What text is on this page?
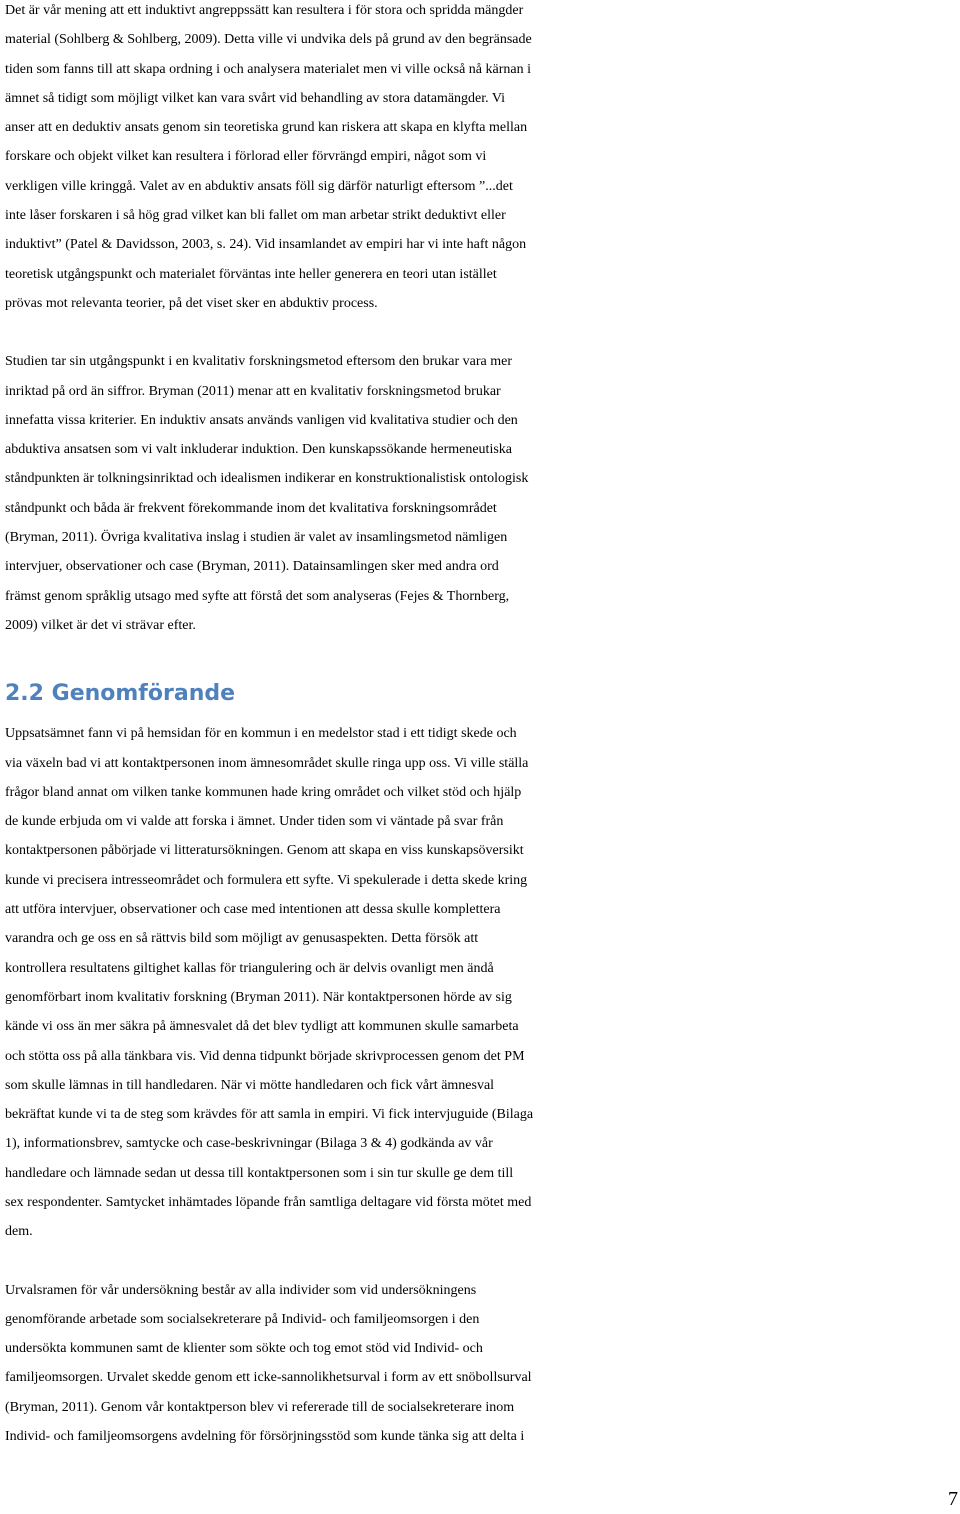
Det är vår mening att ett induktivt angreppssätt kan resultera i för stora och spridda mängder
material (Sohlberg & Sohlberg, 2009). Detta ville vi undvika dels på grund av den begränsade
tiden som fanns till att skapa ordning i och analysera materialet men vi ville också nå kärnan i
ämnet så tidigt som möjligt vilket kan vara svårt vid behandling av stora datamängder. Vi
anser att en deduktiv ansats genom sin teoretiska grund kan riskera att skapa en klyfta mellan
forskare och objekt vilket kan resultera i förlorad eller förvrängd empiri, något som vi
verkligen ville kringgå. Valet av en abduktiv ansats föll sig därför naturligt eftersom ”...det
inte låser forskaren i så hög grad vilket kan bli fallet om man arbetar strikt deduktivt eller
induktivt” (Patel & Davidsson, 2003, s. 24). Vid insamlandet av empiri har vi inte haft någon
teoretisk utgångspunkt och materialet förväntas inte heller generera en teori utan istället
prövas mot relevanta teorier, på det viset sker en abduktiv process.
Studien tar sin utgångspunkt i en kvalitativ forskningsmetod eftersom den brukar vara mer
inriktad på ord än siffror. Bryman (2011) menar att en kvalitativ forskningsmetod brukar
innefatta vissa kriterier. En induktiv ansats används vanligen vid kvalitativa studier och den
abduktiva ansatsen som vi valt inkluderar induktion. Den kunskapssökande hermeneutiska
ståndpunkten är tolkningsinriktad och idealismen indikerar en konstruktionalistisk ontologisk
ståndpunkt och båda är frekvent förekommande inom det kvalitativa forskningsområdet
(Bryman, 2011). Övriga kvalitativa inslag i studien är valet av insamlingsmetod nämligen
intervjuer, observationer och case (Bryman, 2011). Datainsamlingen sker med andra ord
främst genom språklig utsago med syfte att förstå det som analyseras (Fejes & Thornberg,
2009) vilket är det vi strävar efter.
2.2 Genomförande
Uppsatsämnet fann vi på hemsidan för en kommun i en medelstor stad i ett tidigt skede och
via växeln bad vi att kontaktpersonen inom ämnesområdet skulle ringa upp oss. Vi ville ställa
frågor bland annat om vilken tanke kommunen hade kring området och vilket stöd och hjälp
de kunde erbjuda om vi valde att forska i ämnet. Under tiden som vi väntade på svar från
kontaktpersonen påbörjade vi litteratursökningen. Genom att skapa en viss kunskapsöversikt
kunde vi precisera intresseområdet och formulera ett syfte. Vi spekulerade i detta skede kring
att utföra intervjuer, observationer och case med intentionen att dessa skulle komplettera
varandra och ge oss en så rättvis bild som möjligt av genusaspekten. Detta försök att
kontrollera resultatens giltighet kallas för triangulering och är delvis ovanligt men ändå
genomförbart inom kvalitativ forskning (Bryman 2011). När kontaktpersonen hörde av sig
kände vi oss än mer säkra på ämnesvalet då det blev tydligt att kommunen skulle samarbeta
och stötta oss på alla tänkbara vis. Vid denna tidpunkt började skrivprocessen genom det PM
som skulle lämnas in till handledaren. När vi mötte handledaren och fick vårt ämnesval
bekräftat kunde vi ta de steg som krävdes för att samla in empiri. Vi fick intervjuguide (Bilaga
1), informationsbrev, samtycke och case-beskrivningar (Bilaga 3 & 4) godkända av vår
handledare och lämnade sedan ut dessa till kontaktpersonen som i sin tur skulle ge dem till
sex respondenter. Samtycket inhämtades löpande från samtliga deltagare vid första mötet med
dem.
Urvalsramen för vår undersökning består av alla individer som vid undersökningens
genomförande arbetade som socialsekreterare på Individ- och familjeomsorgen i den
undersökta kommunen samt de klienter som sökte och tog emot stöd vid Individ- och
familjeomsorgen. Urvalet skedde genom ett icke-sannolikhetsurval i form av ett snöbollsurval
(Bryman, 2011). Genom vår kontaktperson blev vi refererade till de socialsekreterare inom
Individ- och familjeomsorgens avdelning för försörjningsstöd som kunde tänka sig att delta i
7
